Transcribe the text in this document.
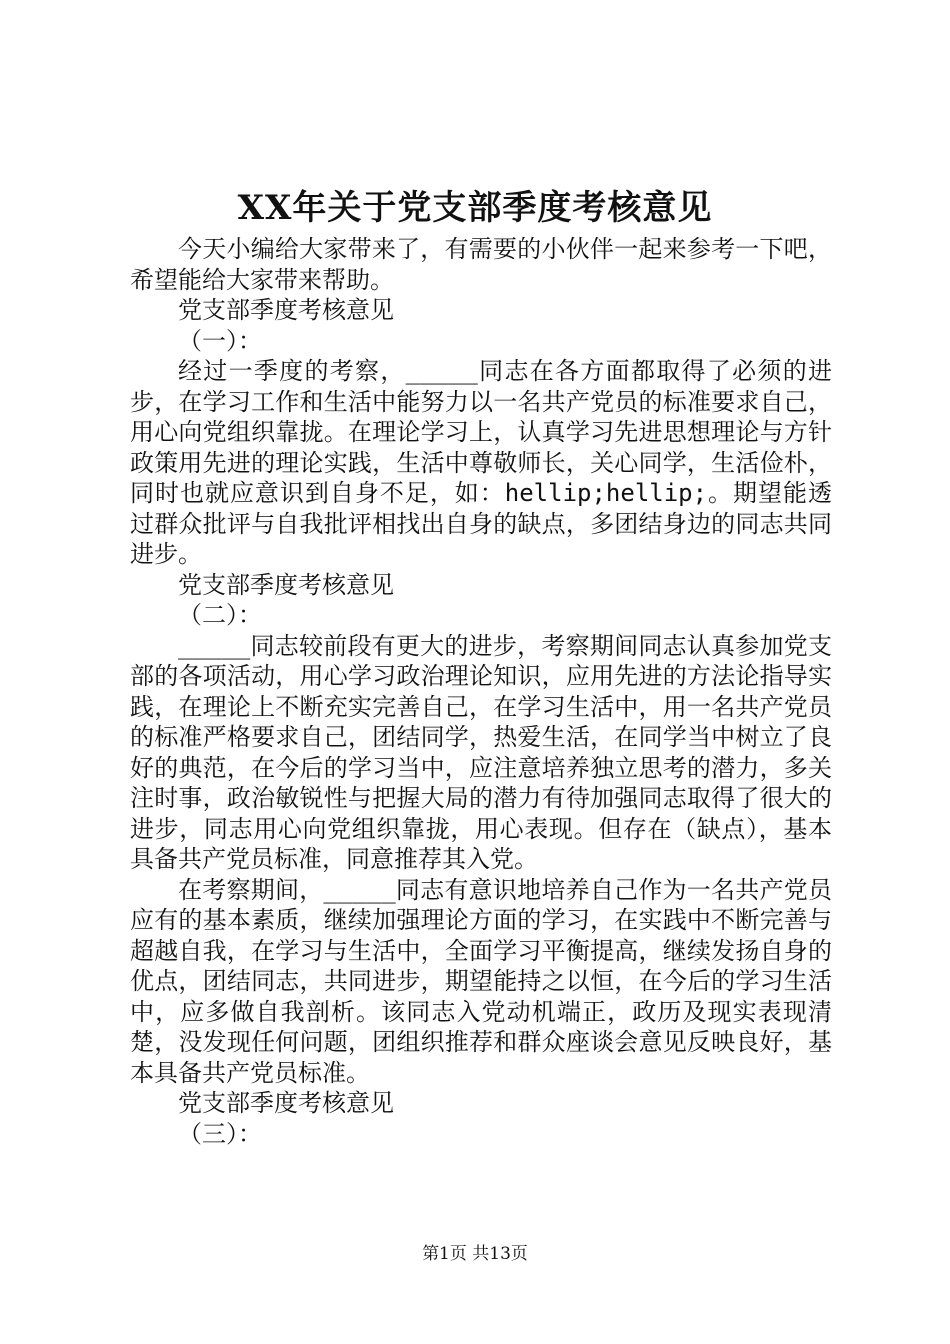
XX年关于党支部季度考核意见

今天小编给大家带来了，有需要的小伙伴一起来参考一下吧，希望能给大家带来帮助。

党支部季度考核意见

（一）：

经过一季度的考察，_____同志在各方面都取得了必须的进步，在学习工作和生活中能努力以一名共产党员的标准要求自己，用心向党组织靠拢。在理论学习上，认真学习先进思想理论与方针政策用先进的理论实践，生活中尊敬师长，关心同学，生活俭朴，同时也就应意识到自身不足，如：hellip;hellip;。期望能透过群众批评与自我批评相找出自身的缺点，多团结身边的同志共同进步。

党支部季度考核意见

（二）：

_____同志较前段有更大的进步，考察期间同志认真参加党支部的各项活动，用心学习政治理论知识，应用先进的方法论指导实践，在理论上不断充实完善自己，在学习生活中，用一名共产党员的标准严格要求自己，团结同学，热爱生活，在同学当中树立了良好的典范，在今后的学习当中，应注意培养独立思考的潜力，多关注时事，政治敏锐性与把握大局的潜力有待加强同志取得了很大的进步，同志用心向党组织靠拢，用心表现。但存在（缺点），基本具备共产党员标准，同意推荐其入党。

在考察期间，_____同志有意识地培养自己作为一名共产党员应有的基本素质，继续加强理论方面的学习，在实践中不断完善与超越自我，在学习与生活中，全面学习平衡提高，继续发扬自身的优点，团结同志，共同进步，期望能持之以恒，在今后的学习生活中，应多做自我剖析。该同志入党动机端正，政历及现实表现清楚，没发现任何问题，团组织推荐和群众座谈会意见反映良好，基本具备共产党员标准。

党支部季度考核意见

（三）：

第1页 共13页
